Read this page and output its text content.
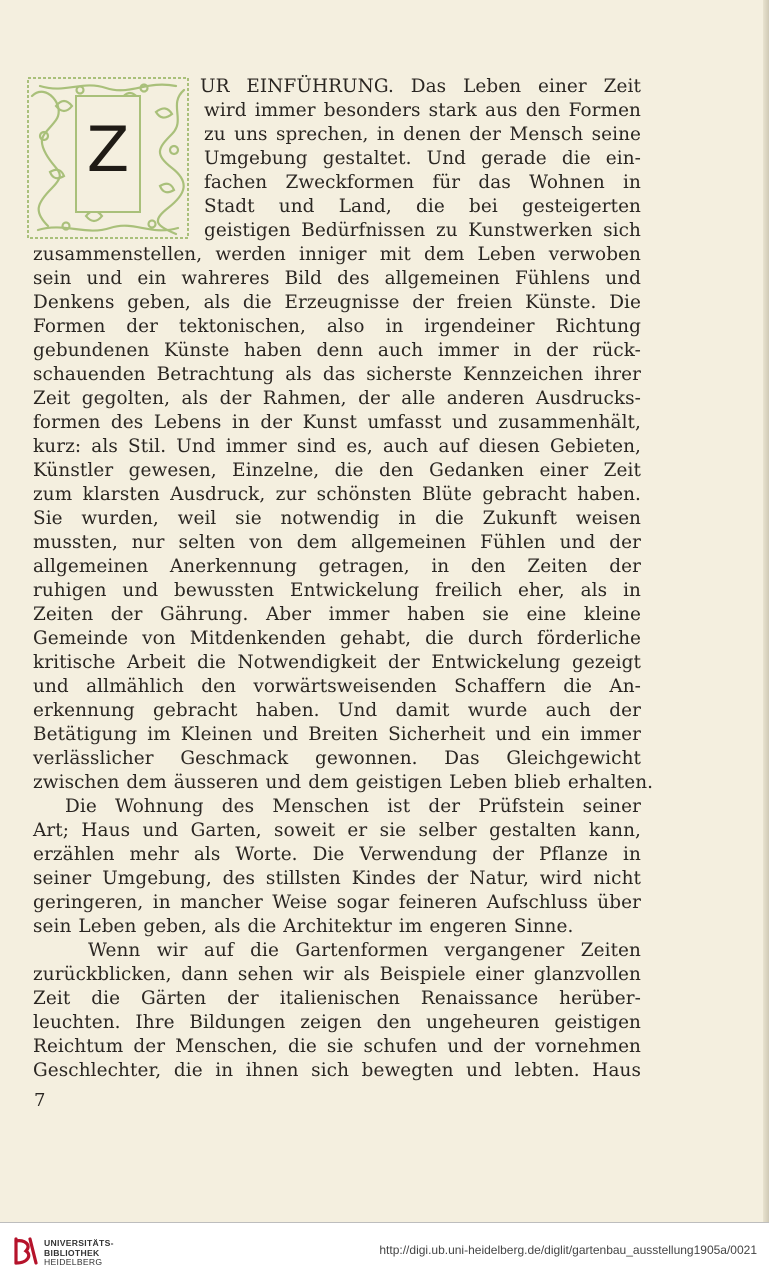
Z
UR EINFÜHRUNG. Das Leben einer Zeit
wird immer besonders stark aus den Formen
zu uns sprechen, in denen der Mensch seine
Umgebung gestaltet. Und gerade die ein-
fachen Zweckformen für das Wohnen in
Stadt und Land, die bei gesteigerten
geistigen Bedürfnissen zu Kunstwerken sich
zusammenstellen, werden inniger mit dem Leben verwoben
sein und ein wahreres Bild des allgemeinen Fühlens und
Denkens geben, als die Erzeugnisse der freien Künste. Die
Formen der tektonischen, also in irgendeiner Richtung
gebundenen Künste haben denn auch immer in der rück-
schauenden Betrachtung als das sicherste Kennzeichen ihrer
Zeit gegolten, als der Rahmen, der alle anderen Ausdrucks-
formen des Lebens in der Kunst umfasst und zusammenhält,
kurz: als Stil. Und immer sind es, auch auf diesen Gebieten,
Künstler gewesen, Einzelne, die den Gedanken einer Zeit
zum klarsten Ausdruck, zur schönsten Blüte gebracht haben.
Sie wurden, weil sie notwendig in die Zukunft weisen
mussten, nur selten von dem allgemeinen Fühlen und der
allgemeinen Anerkennung getragen, in den Zeiten der
ruhigen und bewussten Entwickelung freilich eher, als in
Zeiten der Gährung. Aber immer haben sie eine kleine
Gemeinde von Mitdenkenden gehabt, die durch förderliche
kritische Arbeit die Notwendigkeit der Entwickelung gezeigt
und allmählich den vorwärtsweisenden Schaffern die An-
erkennung gebracht haben. Und damit wurde auch der
Betätigung im Kleinen und Breiten Sicherheit und ein immer
verlässlicher Geschmack gewonnen. Das Gleichgewicht
zwischen dem äusseren und dem geistigen Leben blieb erhalten.
Die Wohnung des Menschen ist der Prüfstein seiner
Art; Haus und Garten, soweit er sie selber gestalten kann,
erzählen mehr als Worte. Die Verwendung der Pflanze in
seiner Umgebung, des stillsten Kindes der Natur, wird nicht
geringeren, in mancher Weise sogar feineren Aufschluss über
sein Leben geben, als die Architektur im engeren Sinne.
Wenn wir auf die Gartenformen vergangener Zeiten
zurückblicken, dann sehen wir als Beispiele einer glanzvollen
Zeit die Gärten der italienischen Renaissance herüber-
leuchten. Ihre Bildungen zeigen den ungeheuren geistigen
Reichtum der Menschen, die sie schufen und der vornehmen
Geschlechter, die in ihnen sich bewegten und lebten. Haus
7
UNIVERSITÄTS-
BIBLIOTHEK
HEIDELBERG
http://digi.ub.uni-heidelberg.de/diglit/gartenbau_ausstellung1905a/0021
